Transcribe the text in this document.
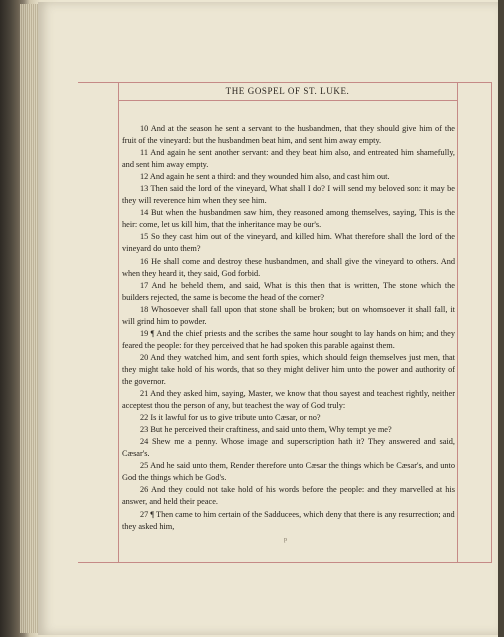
THE GOSPEL OF ST. LUKE.

10 And at the season he sent a servant to the husbandmen, that they should give him of the fruit of the vineyard: but the husbandmen beat him, and sent him away empty.

11 And again he sent another servant: and they beat him also, and entreated him shamefully, and sent him away empty.

12 And again he sent a third: and they wounded him also, and cast him out.

13 Then said the lord of the vineyard, What shall I do? I will send my beloved son: it may be they will reverence him when they see him.

14 But when the husbandmen saw him, they reasoned among themselves, saying, This is the heir: come, let us kill him, that the inheritance may be our's.

15 So they cast him out of the vineyard, and killed him. What therefore shall the lord of the vineyard do unto them?

16 He shall come and destroy these husbandmen, and shall give the vineyard to others. And when they heard it, they said, God forbid.

17 And he beheld them, and said, What is this then that is written, The stone which the builders rejected, the same is become the head of the corner?

18 Whosoever shall fall upon that stone shall be broken; but on whomsoever it shall fall, it will grind him to powder.

19 ¶ And the chief priests and the scribes the same hour sought to lay hands on him; and they feared the people: for they perceived that he had spoken this parable against them.

20 And they watched him, and sent forth spies, which should feign themselves just men, that they might take hold of his words, that so they might deliver him unto the power and authority of the governor.

21 And they asked him, saying, Master, we know that thou sayest and teachest rightly, neither acceptest thou the person of any, but teachest the way of God truly:

22 Is it lawful for us to give tribute unto Cæsar, or no?

23 But he perceived their craftiness, and said unto them, Why tempt ye me?

24 Shew me a penny. Whose image and superscription hath it? They answered and said, Cæsar's.

25 And he said unto them, Render therefore unto Cæsar the things which be Cæsar's, and unto God the things which be God's.

26 And they could not take hold of his words before the people: and they marvelled at his answer, and held their peace.

27 ¶ Then came to him certain of the Sadducees, which deny that there is any resurrection; and they asked him,

p
